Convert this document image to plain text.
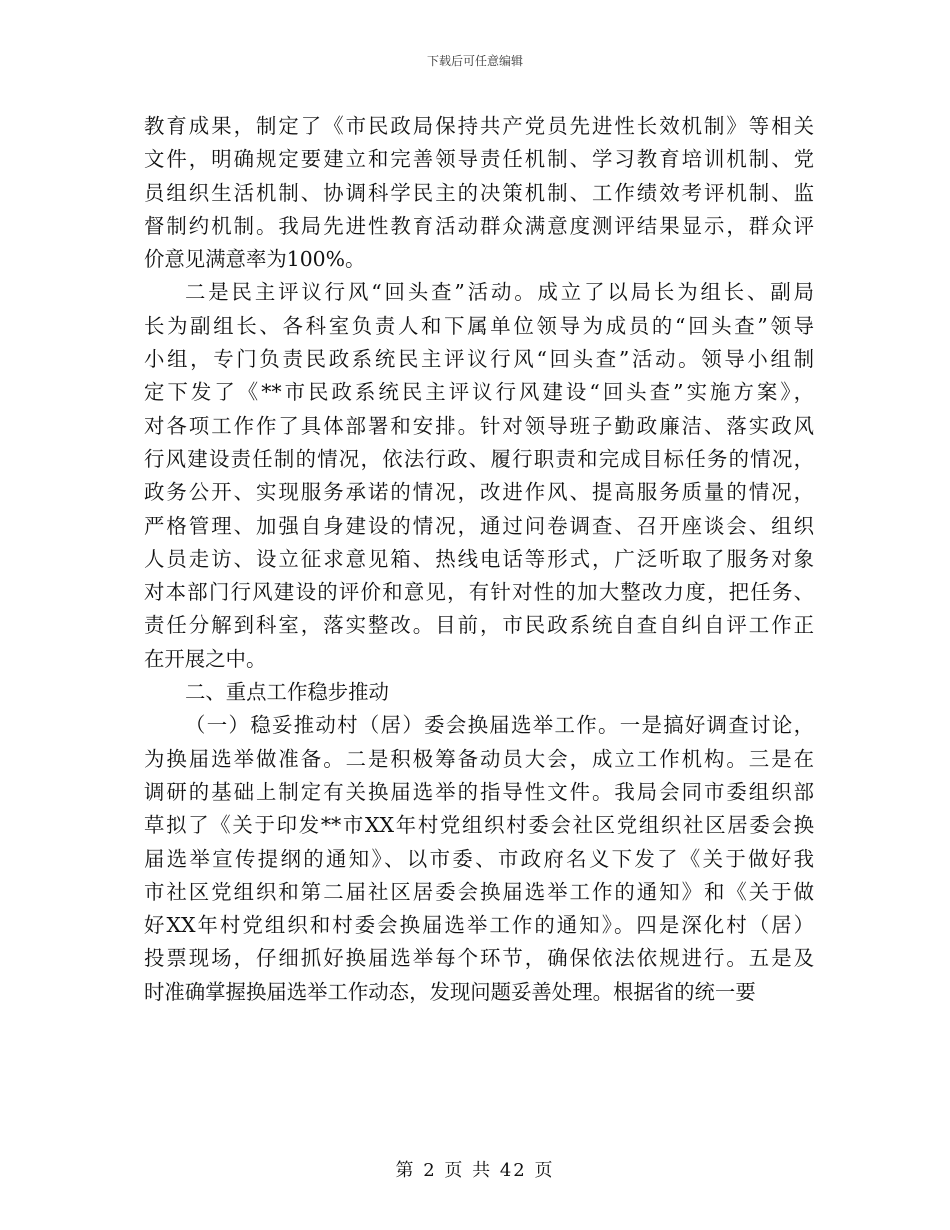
下载后可任意编辑
教育成果，制定了《市民政局保持共产党员先进性长效机制》等相关
文件，明确规定要建立和完善领导责任机制、学习教育培训机制、党
员组织生活机制、协调科学民主的决策机制、工作绩效考评机制、监
督制约机制。我局先进性教育活动群众满意度测评结果显示，群众评
价意见满意率为100%。
二是民主评议行风“回头查”活动。成立了以局长为组长、副局
长为副组长、各科室负责人和下属单位领导为成员的“回头查”领导
小组，专门负责民政系统民主评议行风“回头查”活动。领导小组制
定下发了《**市民政系统民主评议行风建设“回头查”实施方案》，
对各项工作作了具体部署和安排。针对领导班子勤政廉洁、落实政风
行风建设责任制的情况，依法行政、履行职责和完成目标任务的情况，
政务公开、实现服务承诺的情况，改进作风、提高服务质量的情况，
严格管理、加强自身建设的情况，通过问卷调查、召开座谈会、组织
人员走访、设立征求意见箱、热线电话等形式，广泛听取了服务对象
对本部门行风建设的评价和意见，有针对性的加大整改力度，把任务、
责任分解到科室，落实整改。目前，市民政系统自查自纠自评工作正
在开展之中。
二、重点工作稳步推动
（一）稳妥推动村（居）委会换届选举工作。一是搞好调查讨论，
为换届选举做准备。二是积极筹备动员大会，成立工作机构。三是在
调研的基础上制定有关换届选举的指导性文件。我局会同市委组织部
草拟了《关于印发**市XX年村党组织村委会社区党组织社区居委会换
届选举宣传提纲的通知》、以市委、市政府名义下发了《关于做好我
市社区党组织和第二届社区居委会换届选举工作的通知》和《关于做
好XX年村党组织和村委会换届选举工作的通知》。四是深化村（居）
投票现场，仔细抓好换届选举每个环节，确保依法依规进行。五是及
时准确掌握换届选举工作动态，发现问题妥善处理。根据省的统一要
第 2 页 共 42 页
